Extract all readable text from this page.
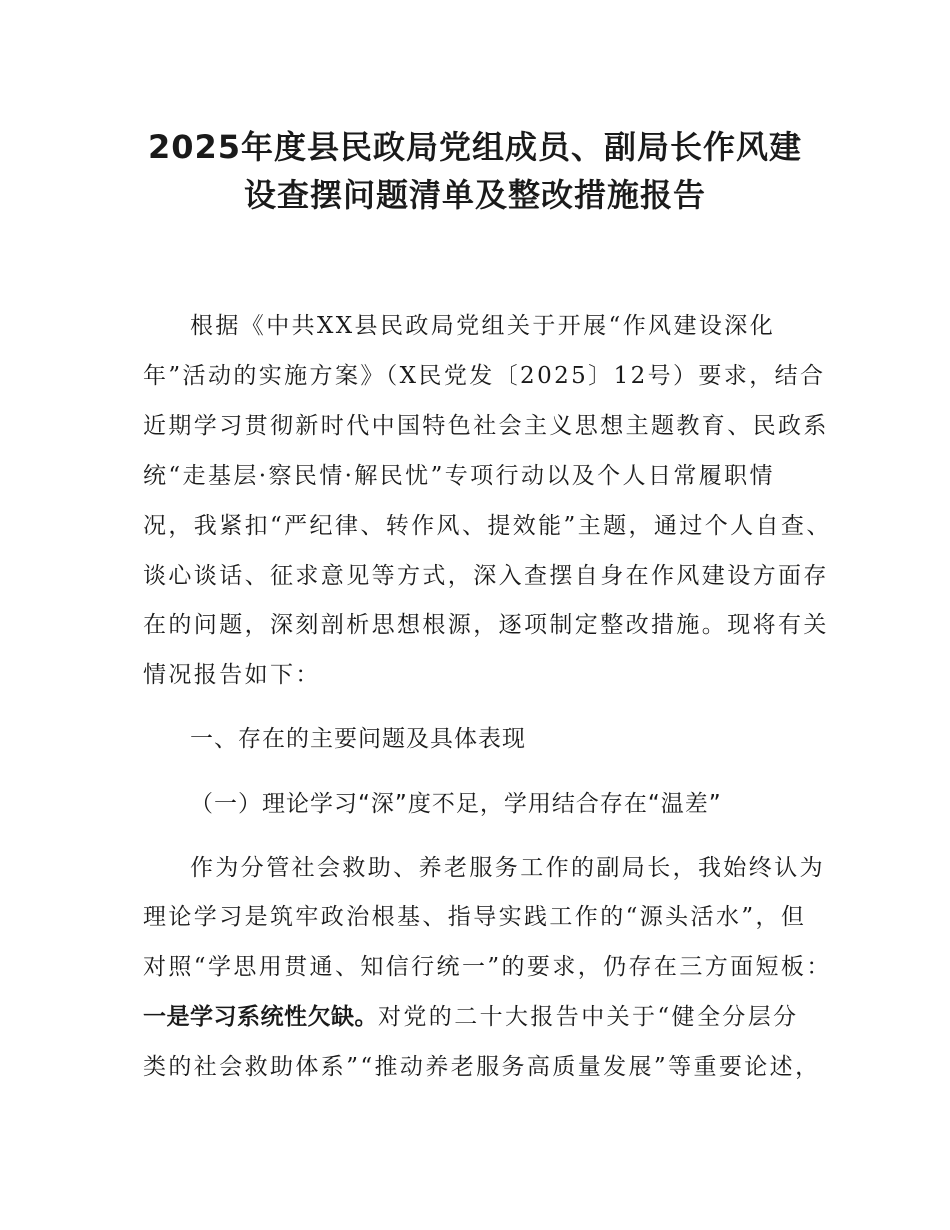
2025年度县民政局党组成员、副局长作风建
设查摆问题清单及整改措施报告
根据《中共XX县民政局党组关于开展“作风建设深化
年”活动的实施方案》（X民党发〔2025〕12号）要求，结合
近期学习贯彻新时代中国特色社会主义思想主题教育、民政系
统“走基层·察民情·解民忧”专项行动以及个人日常履职情
况，我紧扣“严纪律、转作风、提效能”主题，通过个人自查、
谈心谈话、征求意见等方式，深入查摆自身在作风建设方面存
在的问题，深刻剖析思想根源，逐项制定整改措施。现将有关
情况报告如下：
一、存在的主要问题及具体表现
（一）理论学习“深”度不足，学用结合存在“温差”
作为分管社会救助、养老服务工作的副局长，我始终认为
理论学习是筑牢政治根基、指导实践工作的“源头活水”，但
对照“学思用贯通、知信行统一”的要求，仍存在三方面短板：
一是学习系统性欠缺。对党的二十大报告中关于“健全分层分
类的社会救助体系”“推动养老服务高质量发展”等重要论述，
